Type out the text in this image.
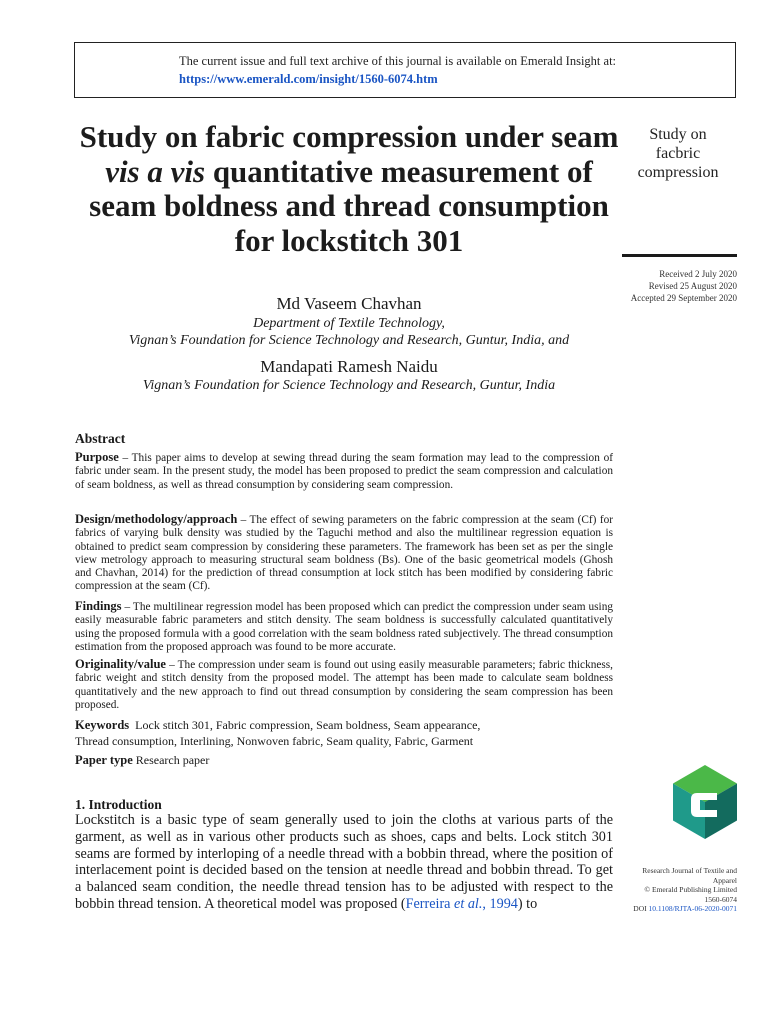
The current issue and full text archive of this journal is available on Emerald Insight at:
https://www.emerald.com/insight/1560-6074.htm
Study on fabric compression under seam vis a vis quantitative measurement of seam boldness and thread consumption for lockstitch 301
Study on
facbric
compression
Received 2 July 2020
Revised 25 August 2020
Accepted 29 September 2020
Md Vaseem Chavhan
Department of Textile Technology,
Vignan’s Foundation for Science Technology and Research, Guntur, India, and
Mandapati Ramesh Naidu
Vignan’s Foundation for Science Technology and Research, Guntur, India
Abstract
Purpose – This paper aims to develop at sewing thread during the seam formation may lead to the compression of fabric under seam. In the present study, the model has been proposed to predict the seam compression and calculation of seam boldness, as well as thread consumption by considering seam compression.
Design/methodology/approach – The effect of sewing parameters on the fabric compression at the seam (Cf) for fabrics of varying bulk density was studied by the Taguchi method and also the multilinear regression equation is obtained to predict seam compression by considering these parameters. The framework has been set as per the single view metrology approach to measuring structural seam boldness (Bs). One of the basic geometrical models (Ghosh and Chavhan, 2014) for the prediction of thread consumption at lock stitch has been modified by considering fabric compression at the seam (Cf).
Findings – The multilinear regression model has been proposed which can predict the compression under seam using easily measurable fabric parameters and stitch density. The seam boldness is successfully calculated quantitatively using the proposed formula with a good correlation with the seam boldness rated subjectively. The thread consumption estimation from the proposed approach was found to be more accurate.
Originality/value – The compression under seam is found out using easily measurable parameters; fabric thickness, fabric weight and stitch density from the proposed model. The attempt has been made to calculate seam boldness quantitatively and the new approach to find out thread consumption by considering the seam compression has been proposed.
Keywords Lock stitch 301, Fabric compression, Seam boldness, Seam appearance,
Thread consumption, Interlining, Nonwoven fabric, Seam quality, Fabric, Garment
Paper type Research paper
1. Introduction
Lockstitch is a basic type of seam generally used to join the cloths at various parts of the garment, as well as in various other products such as shoes, caps and belts. Lock stitch 301 seams are formed by interloping of a needle thread with a bobbin thread, where the position of interlacement point is decided based on the tension at needle thread and bobbin thread. To get a balanced seam condition, the needle thread tension has to be adjusted with respect to the bobbin thread tension. A theoretical model was proposed (Ferreira et al., 1994) to
Research Journal of Textile and
Apparel
© Emerald Publishing Limited
1560-6074
DOI 10.1108/RJTA-06-2020-0071
